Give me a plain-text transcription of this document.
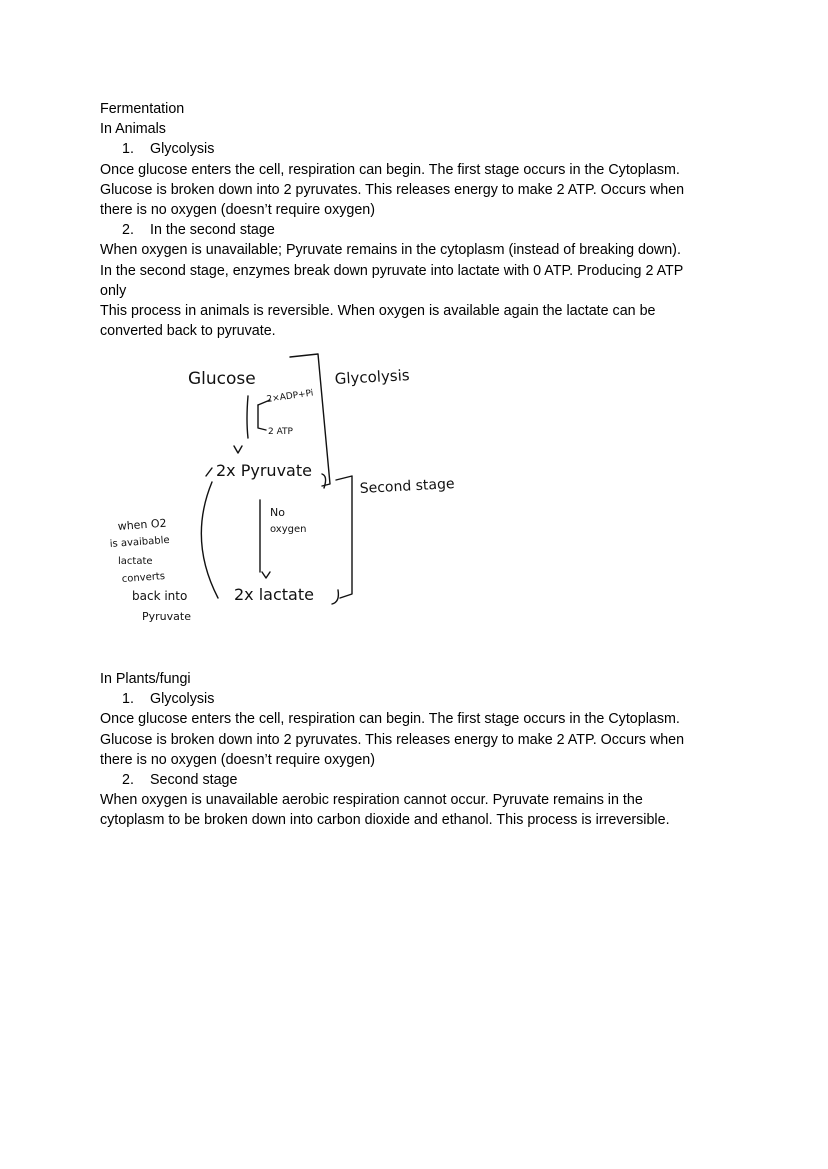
Fermentation
In Animals
1. Glycolysis
Once glucose enters the cell, respiration can begin. The first stage occurs in the Cytoplasm.
Glucose is broken down into 2 pyruvates. This releases energy to make 2 ATP. Occurs when
there is no oxygen (doesn’t require oxygen)
2. In the second stage
When oxygen is unavailable; Pyruvate remains in the cytoplasm (instead of breaking down).
In the second stage, enzymes break down pyruvate into lactate with 0 ATP. Producing 2 ATP
only
This process in animals is reversible. When oxygen is available again the lactate can be
converted back to pyruvate.
Glucose	Glycolysis
2×ADP+Pi
2 ATP
2x Pyruvate
Second stage
No
oxygen
2x lactate
when O2
is avaibable
lactate
converts
back into
Pyruvate
In Plants/fungi
1. Glycolysis
Once glucose enters the cell, respiration can begin. The first stage occurs in the Cytoplasm.
Glucose is broken down into 2 pyruvates. This releases energy to make 2 ATP. Occurs when
there is no oxygen (doesn’t require oxygen)
2. Second stage
When oxygen is unavailable aerobic respiration cannot occur. Pyruvate remains in the
cytoplasm to be broken down into carbon dioxide and ethanol. This process is irreversible.
